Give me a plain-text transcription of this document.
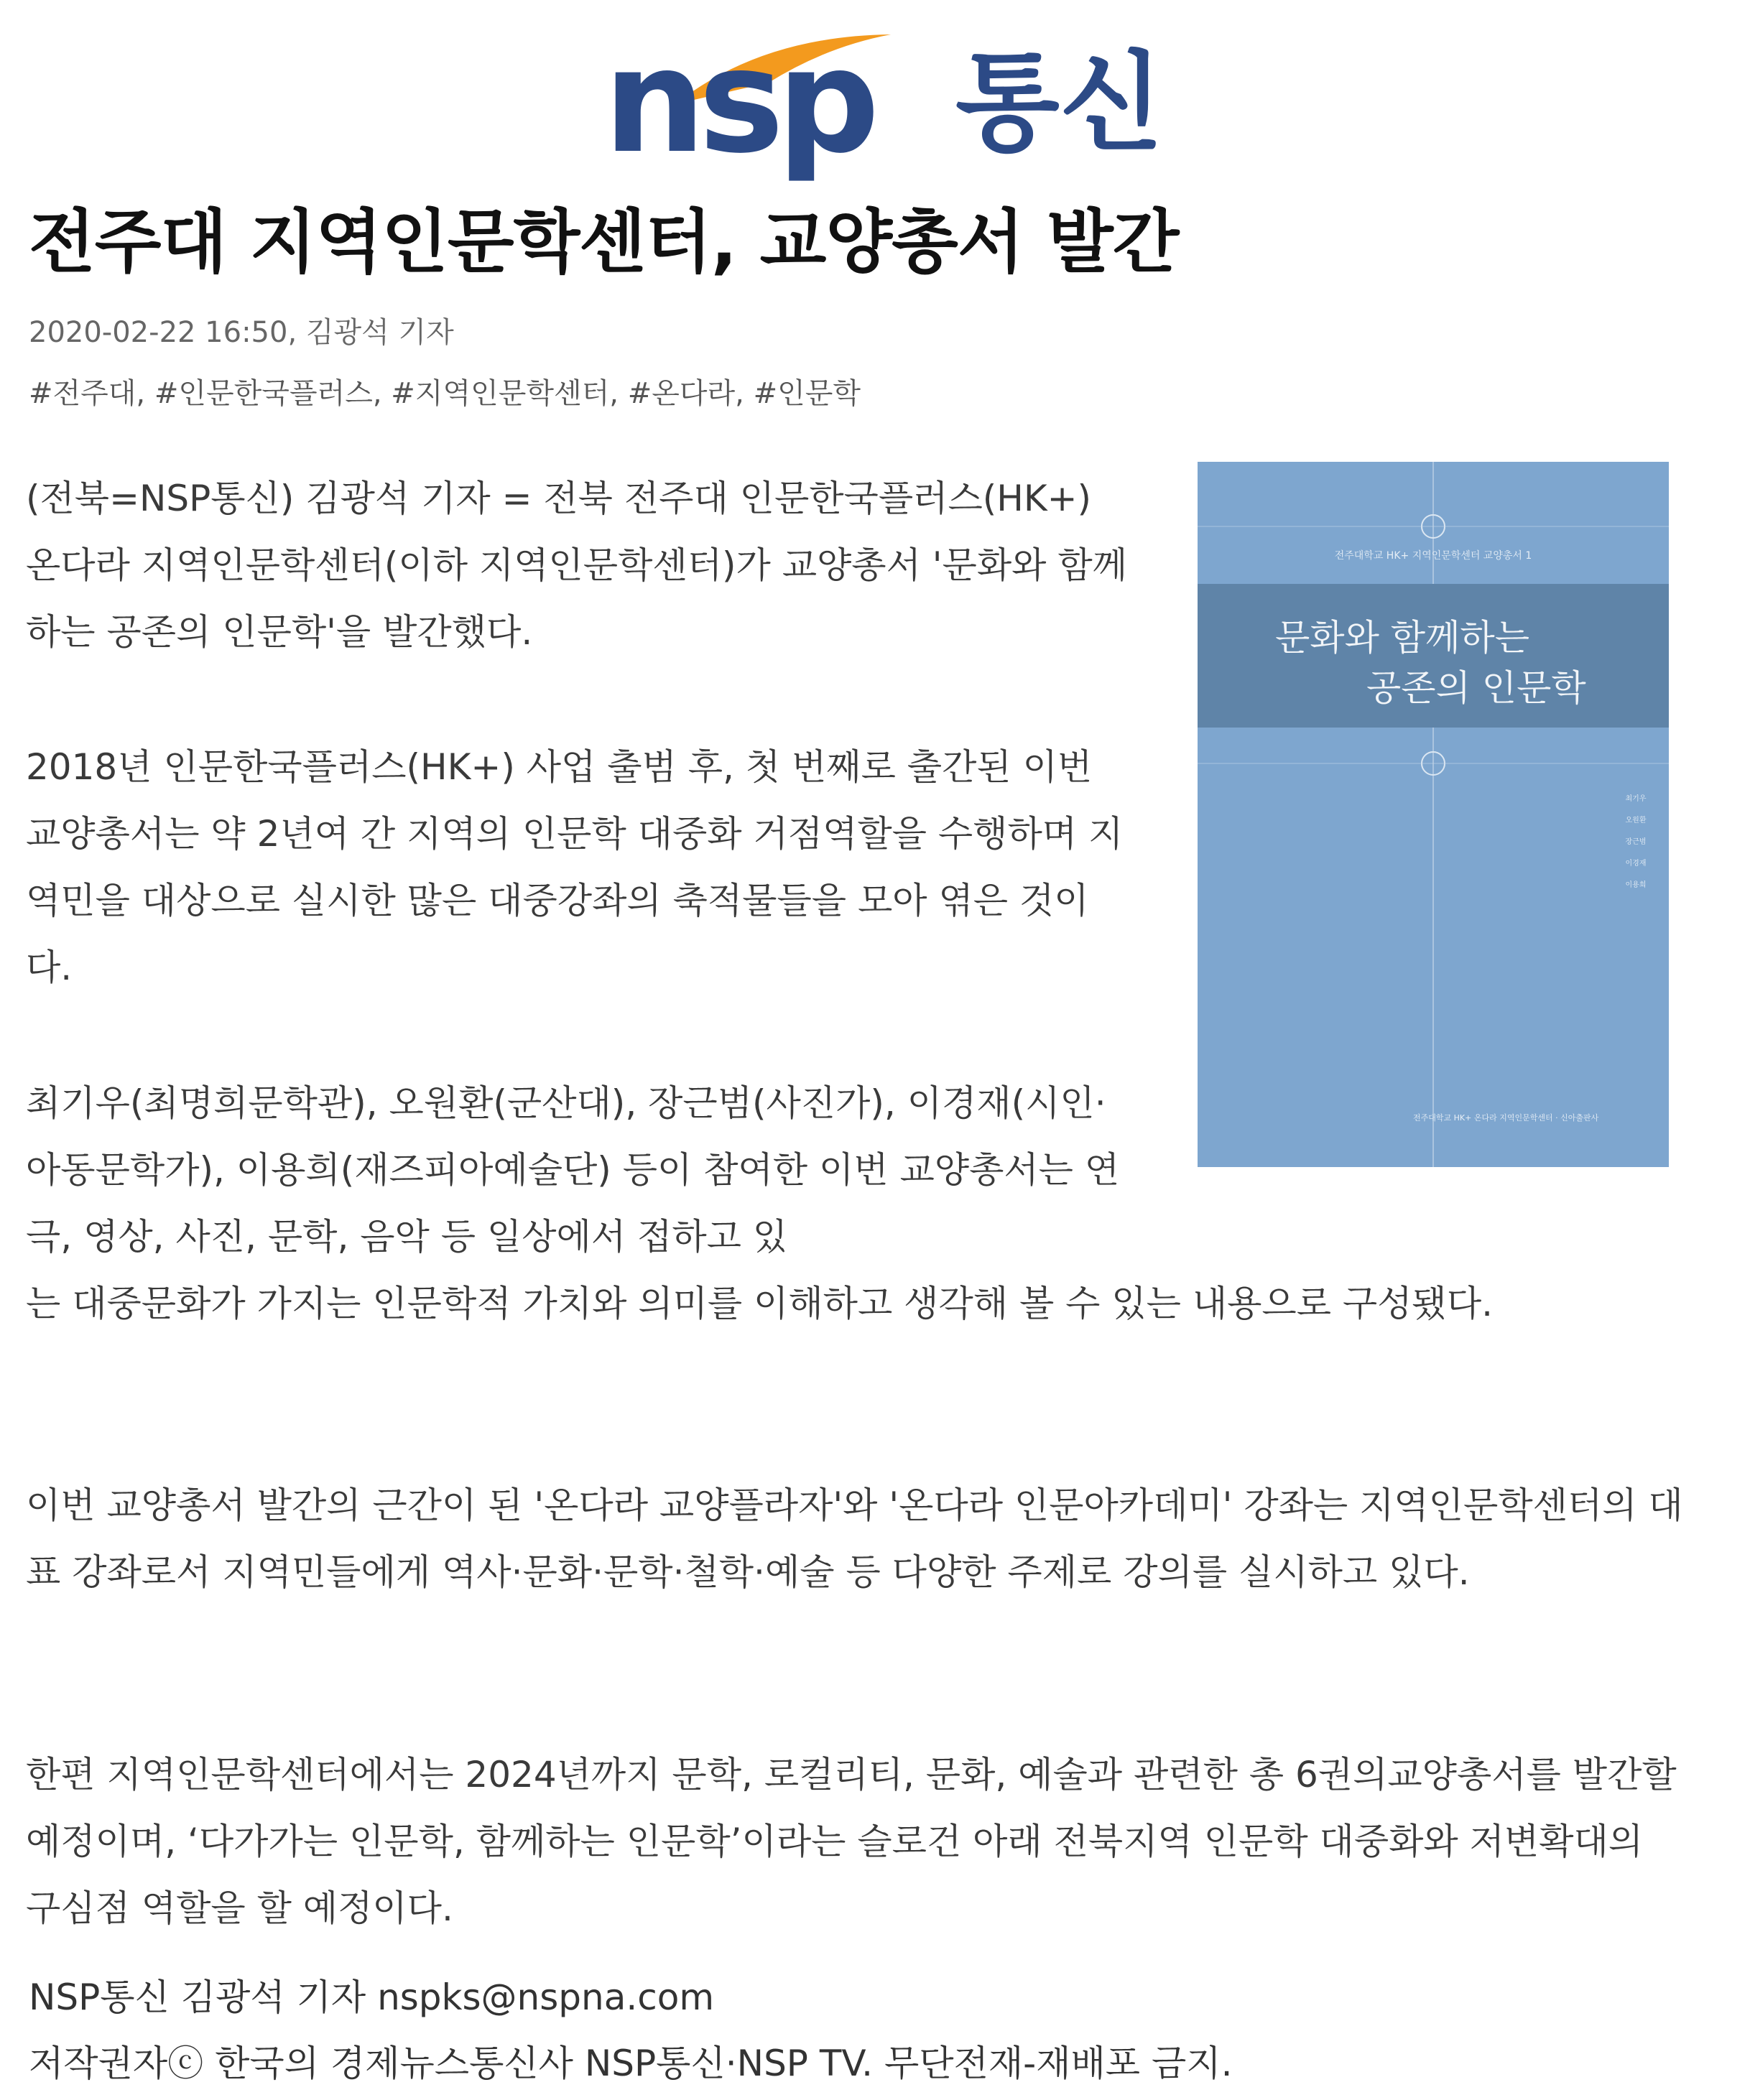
nsp 통신
전주대 지역인문학센터, 교양총서 발간
2020-02-22 16:50, 김광석 기자
#전주대, #인문한국플러스, #지역인문학센터, #온다라, #인문학

(전북=NSP통신) 김광석 기자 = 전북 전주대 인문한국플러스(HK+) 온다라 지역인문학센터(이하 지역인문학센터)가 교양총서 '문화와 함께하는 공존의 인문학'을 발간했다.

2018년 인문한국플러스(HK+) 사업 출범 후, 첫 번째로 출간된 이번 교양총서는 약 2년여 간 지역의 인문학 대중화 거점역할을 수행하며 지역민을 대상으로 실시한 많은 대중강좌의 축적물들을 모아 엮은 것이다.

최기우(최명희문학관), 오원환(군산대), 장근범(사진가), 이경재(시인·아동문학가), 이용희(재즈피아예술단) 등이 참여한 이번 교양총서는 연극, 영상, 사진, 문학, 음악 등 일상에서 접하고 있
는 대중문화가 가지는 인문학적 가치와 의미를 이해하고 생각해 볼 수 있는 내용으로 구성됐다.

이번 교양총서 발간의 근간이 된 '온다라 교양플라자'와 '온다라 인문아카데미' 강좌는 지역인문학센터의 대표 강좌로서 지역민들에게 역사·문화·문학·철학·예술 등 다양한 주제로 강의를 실시하고 있다.

한편 지역인문학센터에서는 2024년까지 문학, 로컬리티, 문화, 예술과 관련한 총 6권의교양총서를 발간할 예정이며, ‘다가가는 인문학, 함께하는 인문학’이라는 슬로건 아래 전북지역 인문학 대중화와 저변확대의 구심점 역할을 할 예정이다.

NSP통신 김광석 기자 nspks@nspna.com
저작권자ⓒ 한국의 경제뉴스통신사 NSP통신·NSP TV. 무단전재-재배포 금지.
전주대학교 HK+ 지역인문학센터 교양총서 1
문화와 함께하는
공존의 인문학
최기우
오원환
장근범
이경재
이용희
전주대학교 HK+ 온다라 지역인문학센터 · 신아출판사
